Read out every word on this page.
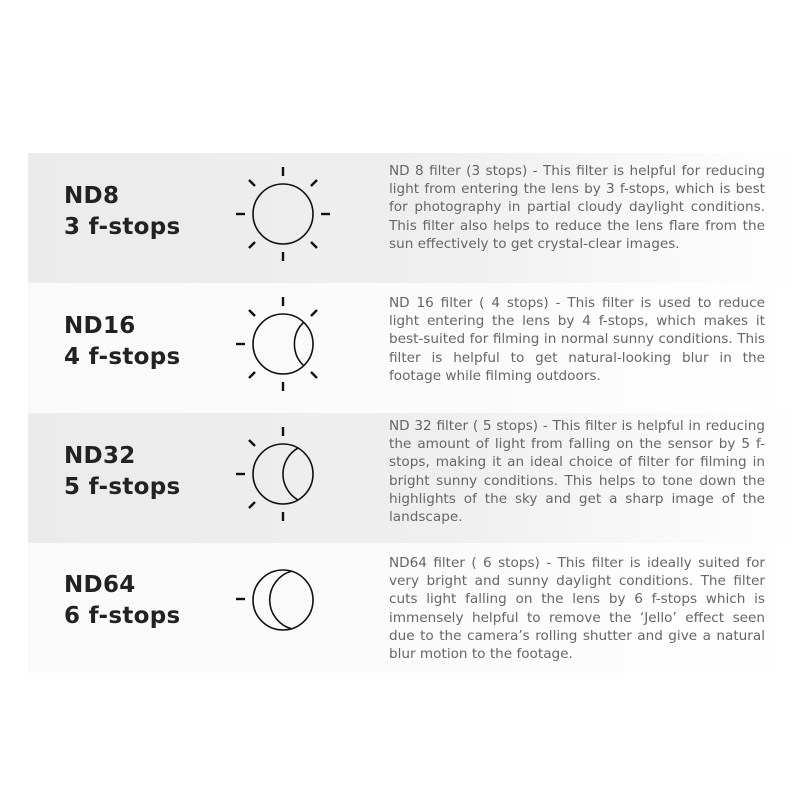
ND8
3 f-stops
ND 8 filter (3 stops) - This filter is helpful for reducing light from entering the lens by 3 f-stops, which is best for photography in partial cloudy daylight conditions. This filter also helps to reduce the lens flare from the sun effectively to get crystal-clear images.
ND16
4 f-stops
ND 16 filter ( 4 stops) - This filter is used to reduce light entering the lens by 4 f-stops, which makes it best-suited for filming in normal sunny conditions. This filter is helpful to get natural-looking blur in the footage while filming outdoors.
ND32
5 f-stops
ND 32 filter ( 5 stops) - This filter is helpful in reducing the amount of light from falling on the sensor by 5 f-stops, making it an ideal choice of filter for filming in bright sunny conditions. This helps to tone down the highlights of the sky and get a sharp image of the landscape.
ND64
6 f-stops
ND64 filter ( 6 stops) - This filter is ideally suited for very bright and sunny daylight conditions. The filter cuts light falling on the lens by 6 f-stops which is immensely helpful to remove the ‘Jello’ effect seen due to the camera’s rolling shutter and give a natural blur motion to the footage.
